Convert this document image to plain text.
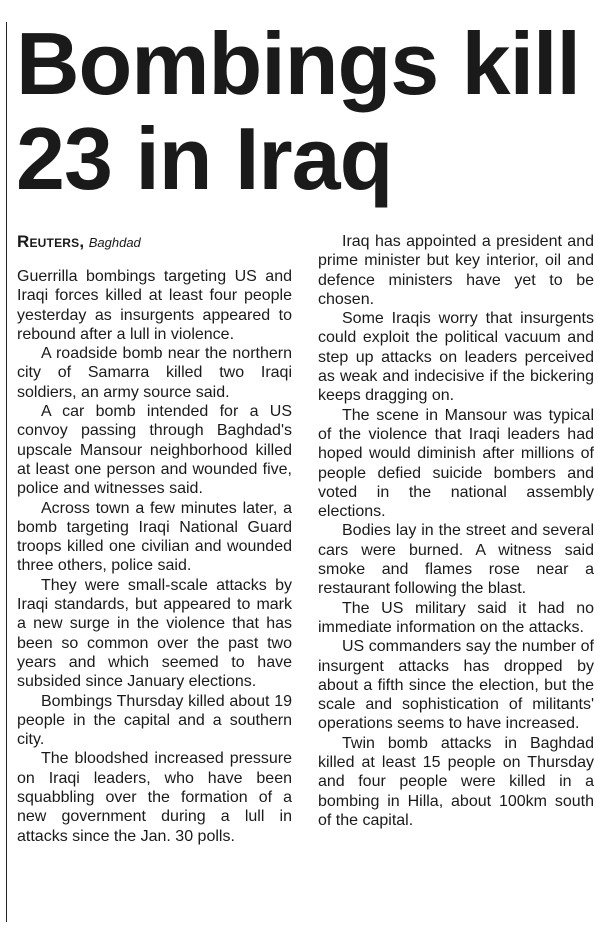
Bombings kill 23 in Iraq
Reuters, Baghdad

Guerrilla bombings targeting US and Iraqi forces killed at least four people yesterday as insurgents appeared to rebound after a lull in violence.

A roadside bomb near the northern city of Samarra killed two Iraqi soldiers, an army source said.

A car bomb intended for a US convoy passing through Baghdad's upscale Mansour neighborhood killed at least one person and wounded five, police and witnesses said.

Across town a few minutes later, a bomb targeting Iraqi National Guard troops killed one civilian and wounded three others, police said.

They were small-scale attacks by Iraqi standards, but appeared to mark a new surge in the violence that has been so common over the past two years and which seemed to have subsided since January elections.

Bombings Thursday killed about 19 people in the capital and a southern city.

The bloodshed increased pressure on Iraqi leaders, who have been squabbling over the formation of a new government during a lull in attacks since the Jan. 30 polls.

Iraq has appointed a president and prime minister but key interior, oil and defence ministers have yet to be chosen.

Some Iraqis worry that insurgents could exploit the political vacuum and step up attacks on leaders perceived as weak and indecisive if the bickering keeps dragging on.

The scene in Mansour was typical of the violence that Iraqi leaders had hoped would diminish after millions of people defied suicide bombers and voted in the national assembly elections.

Bodies lay in the street and several cars were burned. A witness said smoke and flames rose near a restaurant following the blast.

The US military said it had no immediate information on the attacks.

US commanders say the number of insurgent attacks has dropped by about a fifth since the election, but the scale and sophistication of militants' operations seems to have increased.

Twin bomb attacks in Baghdad killed at least 15 people on Thursday and four people were killed in a bombing in Hilla, about 100km south of the capital.
